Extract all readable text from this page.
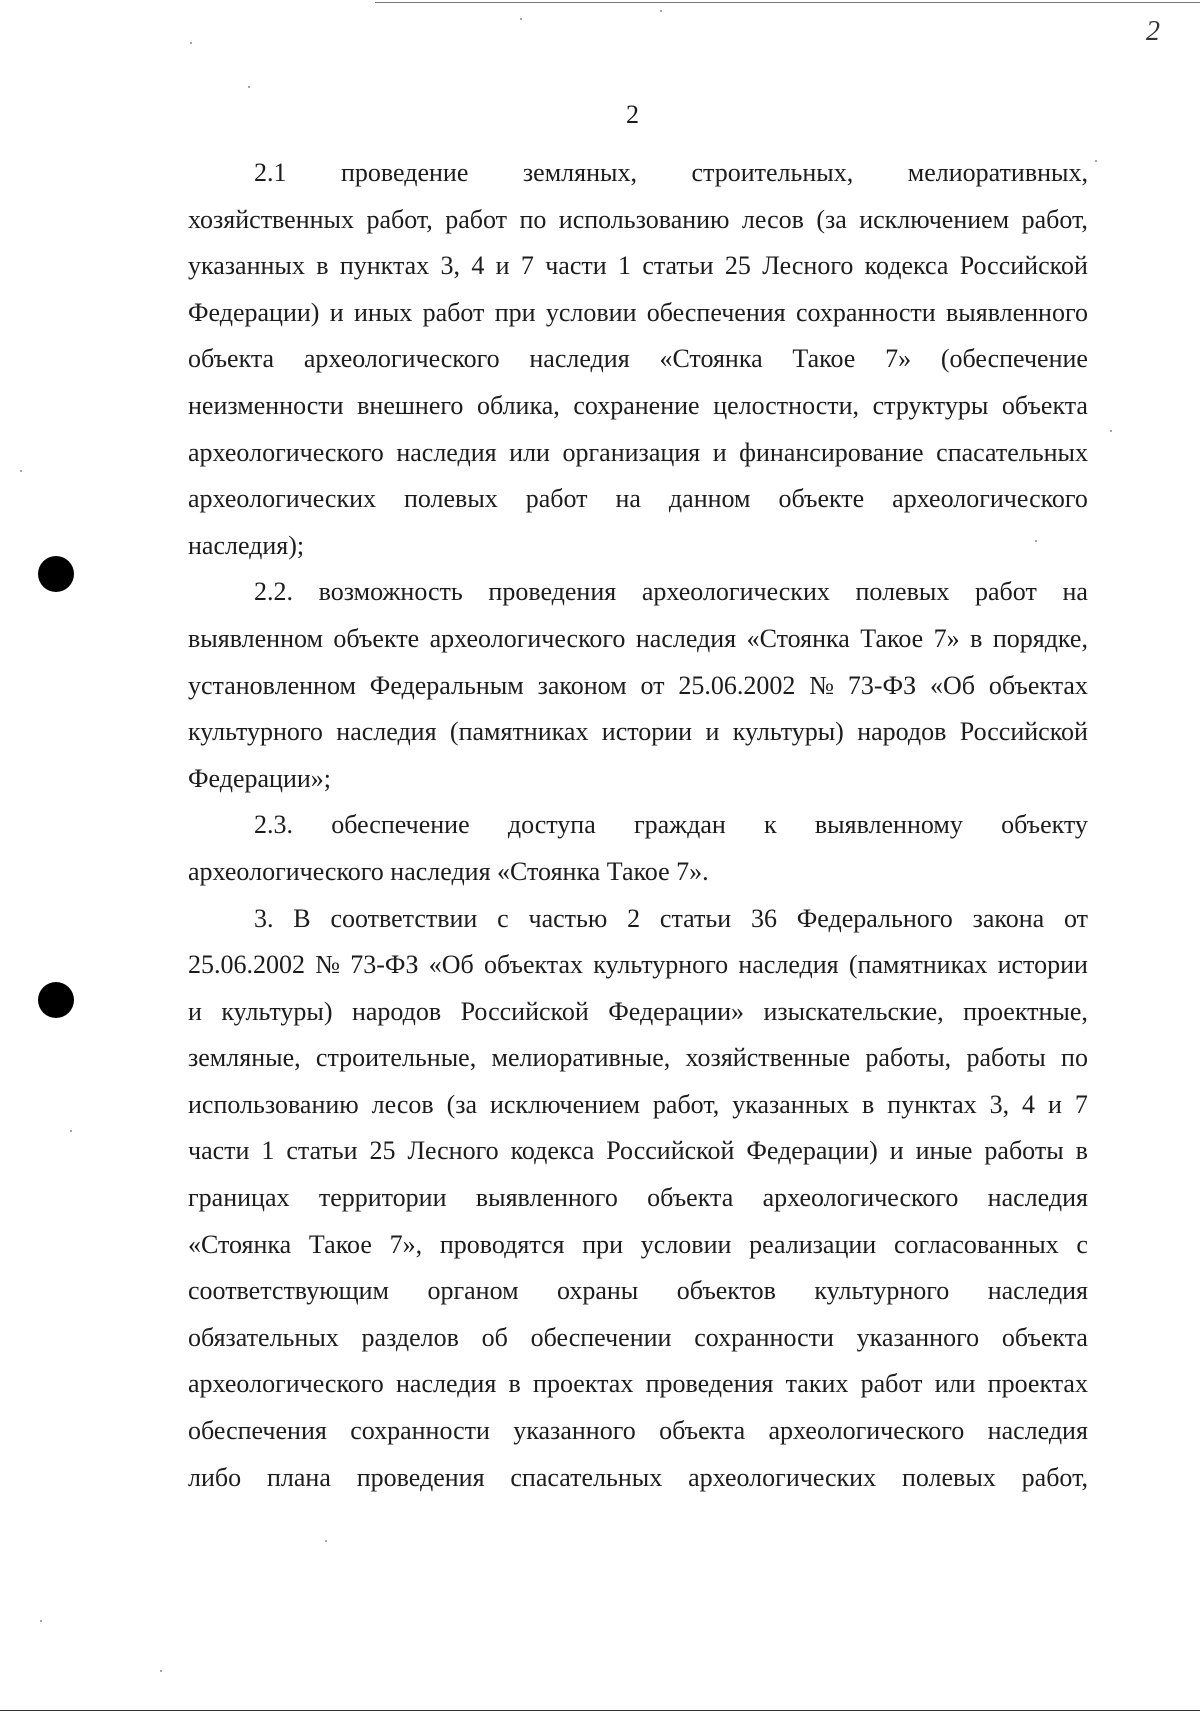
2
2
2.1 проведение земляных, строительных, мелиоративных,
хозяйственных работ, работ по использованию лесов (за исключением работ,
указанных в пунктах 3, 4 и 7 части 1 статьи 25 Лесного кодекса Российской
Федерации) и иных работ при условии обеспечения сохранности выявленного
объекта археологического наследия «Стоянка Такое 7» (обеспечение
неизменности внешнего облика, сохранение целостности, структуры объекта
археологического наследия или организация и финансирование спасательных
археологических полевых работ на данном объекте археологического
наследия);
2.2. возможность проведения археологических полевых работ на
выявленном объекте археологического наследия «Стоянка Такое 7» в порядке,
установленном Федеральным законом от 25.06.2002 № 73-ФЗ «Об объектах
культурного наследия (памятниках истории и культуры) народов Российской
Федерации»;
2.3. обеспечение доступа граждан к выявленному объекту
археологического наследия «Стоянка Такое 7».
3. В соответствии с частью 2 статьи 36 Федерального закона от
25.06.2002 № 73-ФЗ «Об объектах культурного наследия (памятниках истории
и культуры) народов Российской Федерации» изыскательские, проектные,
земляные, строительные, мелиоративные, хозяйственные работы, работы по
использованию лесов (за исключением работ, указанных в пунктах 3, 4 и 7
части 1 статьи 25 Лесного кодекса Российской Федерации) и иные работы в
границах территории выявленного объекта археологического наследия
«Стоянка Такое 7», проводятся при условии реализации согласованных с
соответствующим органом охраны объектов культурного наследия
обязательных разделов об обеспечении сохранности указанного объекта
археологического наследия в проектах проведения таких работ или проектах
обеспечения сохранности указанного объекта археологического наследия
либо плана проведения спасательных археологических полевых работ,
